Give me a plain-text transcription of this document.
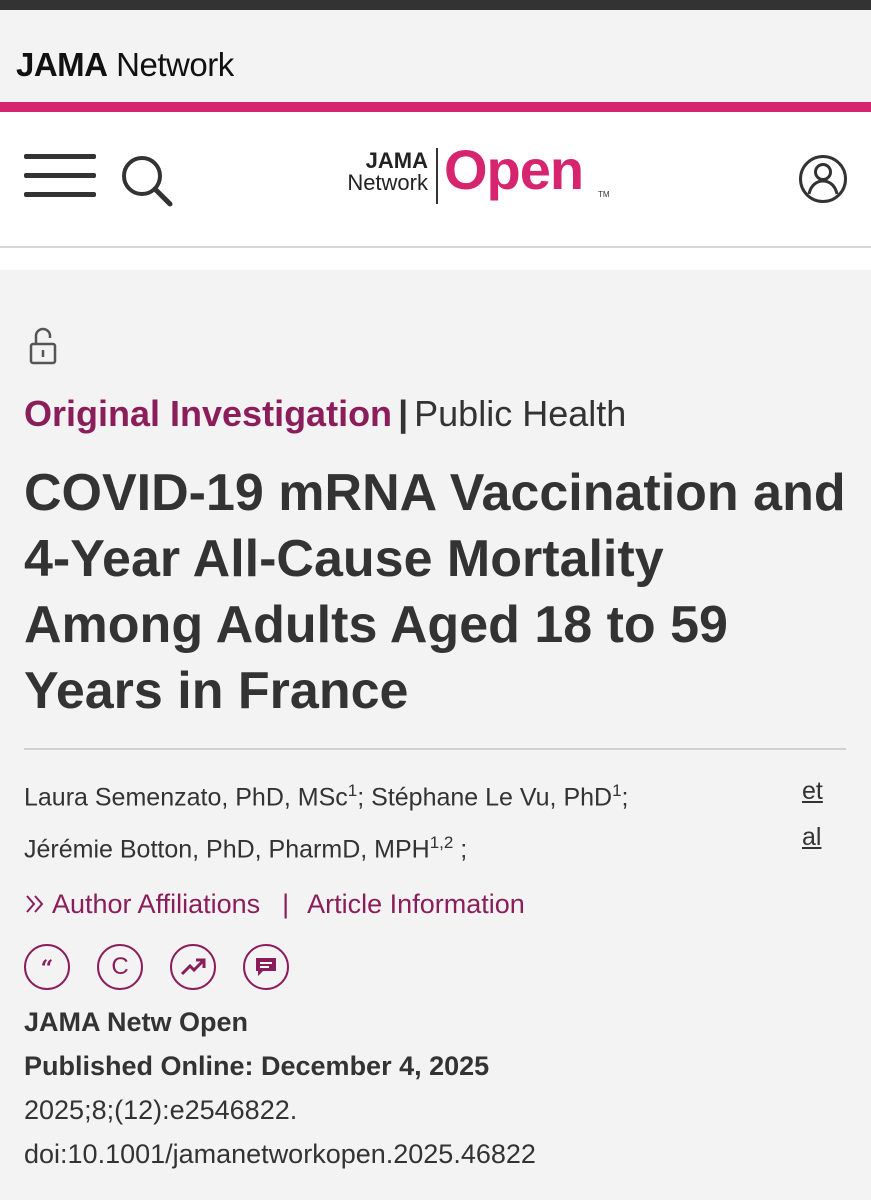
JAMA Network
JAMA
Network Open TM
Original Investigation | Public Health
COVID-19 mRNA Vaccination and 4-Year All-Cause Mortality Among Adults Aged 18 to 59 Years in France
Laura Semenzato, PhD, MSc$^1$; Stéphane Le Vu, PhD$^1$;
Jérémie Botton, PhD, PharmD, MPH$^{1,2}$ ;
et
al
Author Affiliations | Article Information
“ C
JAMA Netw Open
Published Online: December 4, 2025
2025;8;(12):e2546822.
doi:10.1001/jamanetworkopen.2025.46822
